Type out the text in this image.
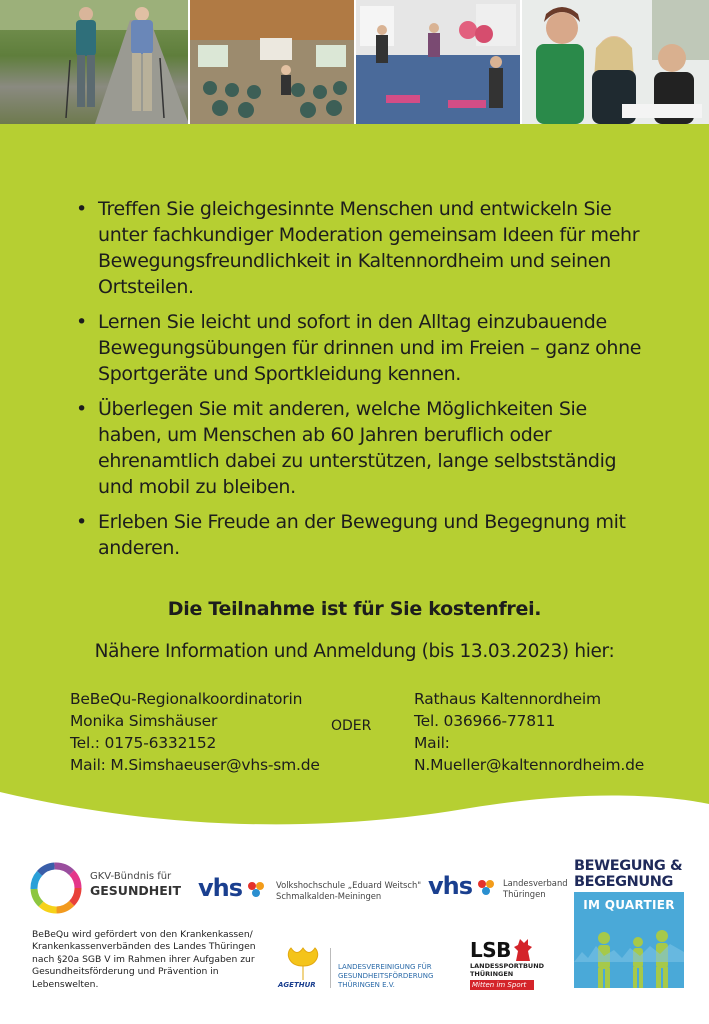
• Treffen Sie gleichgesinnte Menschen und entwickeln Sie unter fachkundiger Moderation gemeinsam Ideen für mehr Bewegungsfreundlichkeit in Kaltennordheim und seinen Ortsteilen.
• Lernen Sie leicht und sofort in den Alltag einzubauende Bewegungsübungen für drinnen und im Freien – ganz ohne Sportgeräte und Sportkleidung kennen.
• Überlegen Sie mit anderen, welche Möglichkeiten Sie haben, um Menschen ab 60 Jahren beruflich oder ehrenamtlich dabei zu unterstützen, lange selbstständig und mobil zu bleiben.
• Erleben Sie Freude an der Bewegung und Begegnung mit anderen.
Die Teilnahme ist für Sie kostenfrei.
Nähere Information und Anmeldung (bis 13.03.2023) hier:
BeBeQu-Regionalkoordinatorin
Monika Simshäuser
Tel.: 0175-6332152
Mail: M.Simshaeuser@vhs-sm.de
ODER
Rathaus Kaltennordheim
Tel. 036966-77811
Mail:
N.Mueller@kaltennordheim.de
GKV-Bündnis für
GESUNDHEIT vhs	Volkshochschule „Eduard Weitsch"
Schmalkalden-Meiningen vhs	Landesverband
Thüringen
BEWEGUNG &
BEGEGNUNG
IM QUARTIER
BeBeQu wird gefördert von den Krankenkassen/ Krankenkassenverbänden des Landes Thüringen nach §20a SGB V im Rahmen ihrer Aufgaben zur Gesundheitsförderung und Prävention in Lebenswelten.	AGETHUR
LANDESVEREINIGUNG FÜR
GESUNDHEITSFÖRDERUNG
THÜRINGEN E.V.
LSB
LANDESSPORTBUND
THÜRINGEN
Mitten im Sport
